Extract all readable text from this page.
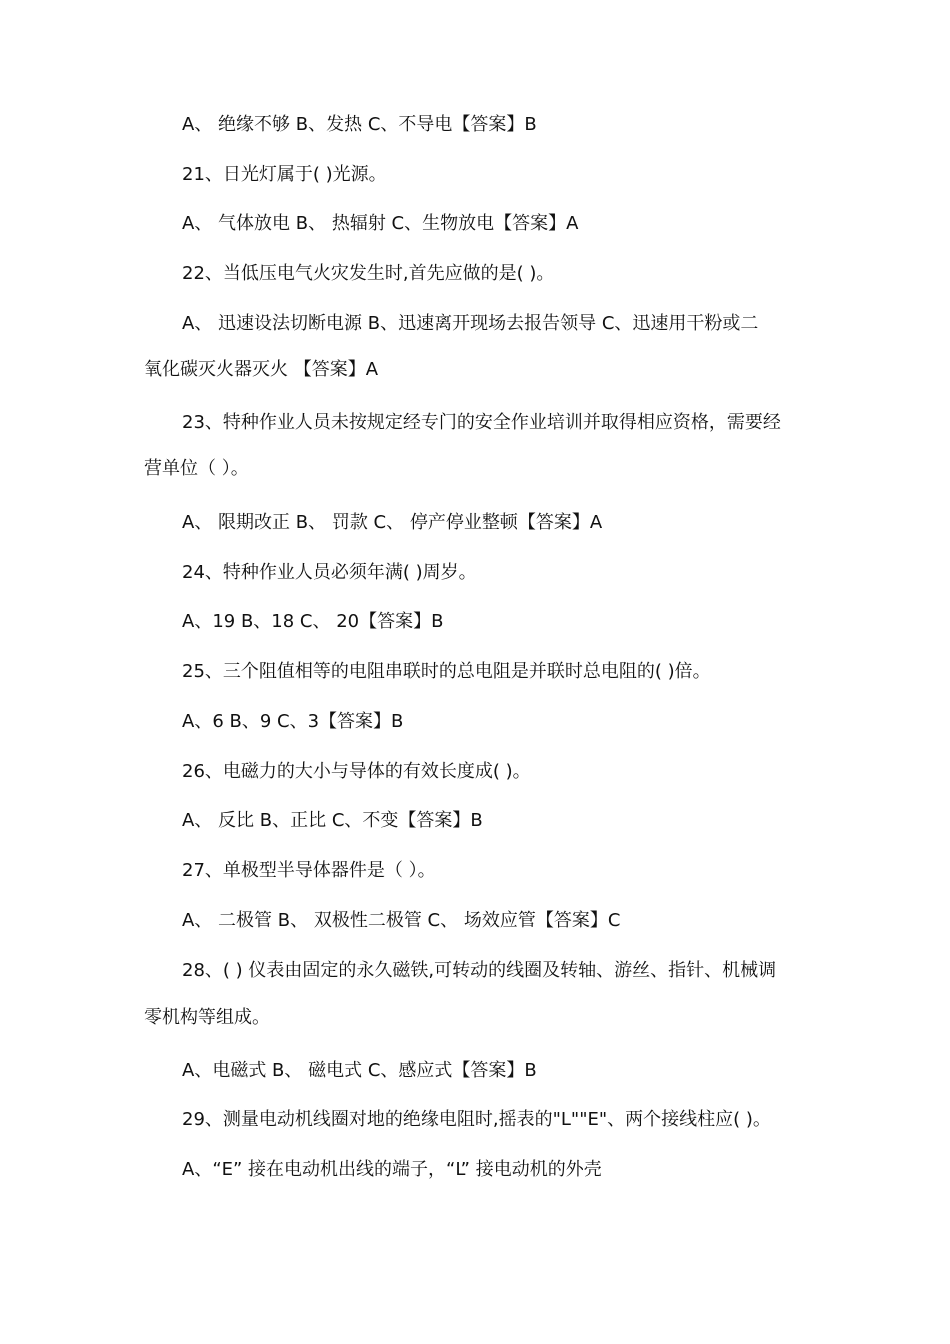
A、 绝缘不够 B、发热 C、不导电【答案】B
21、日光灯属于( )光源。
A、 气体放电 B、 热辐射 C、生物放电【答案】A
22、当低压电气火灾发生时,首先应做的是( )。
A、 迅速设法切断电源 B、迅速离开现场去报告领导 C、迅速用干粉或二
氧化碳灭火器灭火 【答案】A
23、特种作业人员未按规定经专门的安全作业培训并取得相应资格，需要经
营单位（ ）。
A、 限期改正 B、 罚款 C、 停产停业整顿【答案】A
24、特种作业人员必须年满( )周岁。
A、19 B、18 C、 20【答案】B
25、三个阻值相等的电阻串联时的总电阻是并联时总电阻的( )倍。
A、6 B、9 C、3【答案】B
26、电磁力的大小与导体的有效长度成( )。
A、 反比 B、正比 C、不变【答案】B
27、单极型半导体器件是（ ）。
A、 二极管 B、 双极性二极管 C、 场效应管【答案】C
28、( ) 仪表由固定的永久磁铁,可转动的线圈及转轴、游丝、指针、机械调
零机构等组成。
A、电磁式 B、 磁电式 C、感应式【答案】B
29、测量电动机线圈对地的绝缘电阻时,摇表的"L""E"、两个接线柱应( )。
A、“E” 接在电动机出线的端子，“L” 接电动机的外壳
